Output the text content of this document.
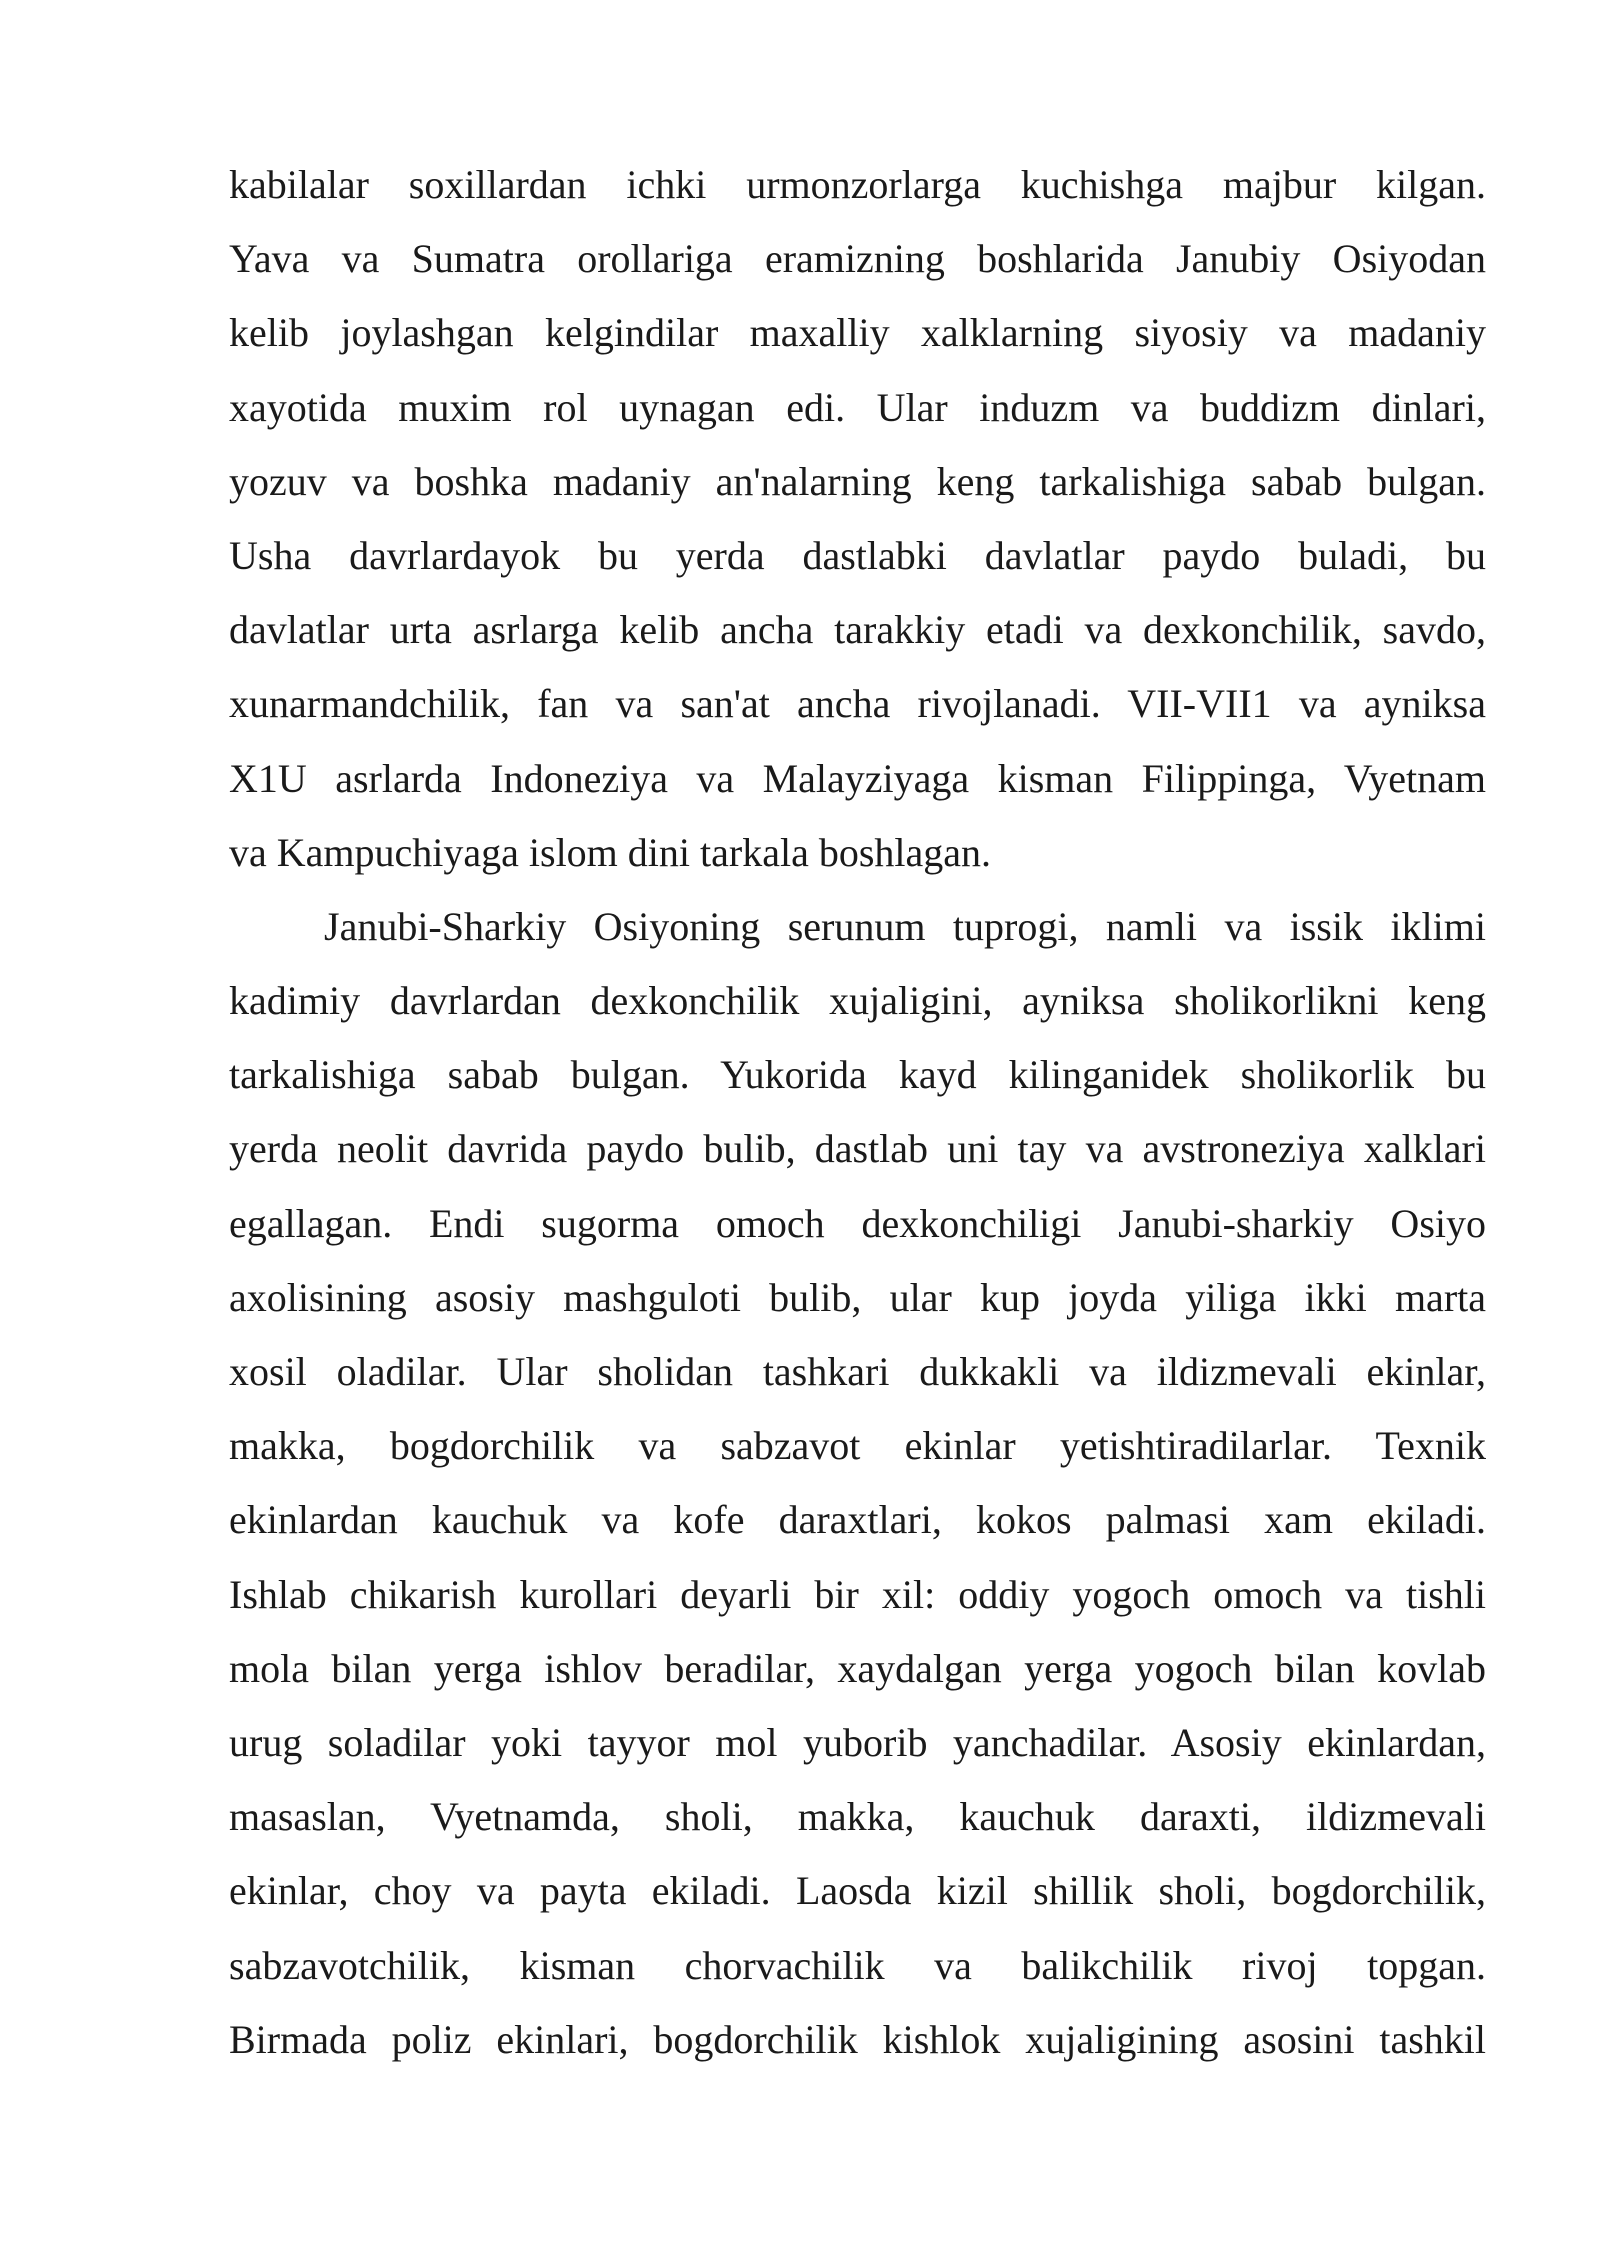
kabilalar soxillardan ichki urmonzorlarga kuchishga majbur kilgan.
Yava va Sumatra orollariga eramizning boshlarida Janubiy Osiyodan
kelib joylashgan kelgindilar maxalliy xalklarning siyosiy va madaniy
xayotida muxim rol uynagan edi. Ular induzm va buddizm dinlari,
yozuv va boshka madaniy an'nalarning keng tarkalishiga sabab bulgan.
Usha davrlardayok bu yerda dastlabki davlatlar paydo buladi, bu
davlatlar urta asrlarga kelib ancha tarakkiy etadi va dexkonchilik, savdo,
xunarmandchilik, fan va san'at ancha rivojlanadi. VII-VII1 va ayniksa
X1U asrlarda Indoneziya va Malayziyaga kisman Filippinga, Vyetnam
va Kampuchiyaga islom dini tarkala boshlagan.
Janubi-Sharkiy Osiyoning serunum tuprogi, namli va issik iklimi
kadimiy davrlardan dexkonchilik xujaligini, ayniksa sholikorlikni keng
tarkalishiga sabab bulgan. Yukorida kayd kilinganidek sholikorlik bu
yerda neolit davrida paydo bulib, dastlab uni tay va avstroneziya xalklari
egallagan. Endi sugorma omoch dexkonchiligi Janubi-sharkiy Osiyo
axolisining asosiy mashguloti bulib, ular kup joyda yiliga ikki marta
xosil oladilar. Ular sholidan tashkari dukkakli va ildizmevali ekinlar,
makka, bogdorchilik va sabzavot ekinlar yetishtiradilarlar. Texnik
ekinlardan kauchuk va kofe daraxtlari, kokos palmasi xam ekiladi.
Ishlab chikarish kurollari deyarli bir xil: oddiy yogoch omoch va tishli
mola bilan yerga ishlov beradilar, xaydalgan yerga yogoch bilan kovlab
urug soladilar yoki tayyor mol yuborib yanchadilar. Asosiy ekinlardan,
masaslan, Vyetnamda, sholi, makka, kauchuk daraxti, ildizmevali
ekinlar, choy va payta ekiladi. Laosda kizil shillik sholi, bogdorchilik,
sabzavotchilik, kisman chorvachilik va balikchilik rivoj topgan.
Birmada poliz ekinlari, bogdorchilik kishlok xujaligining asosini tashkil
